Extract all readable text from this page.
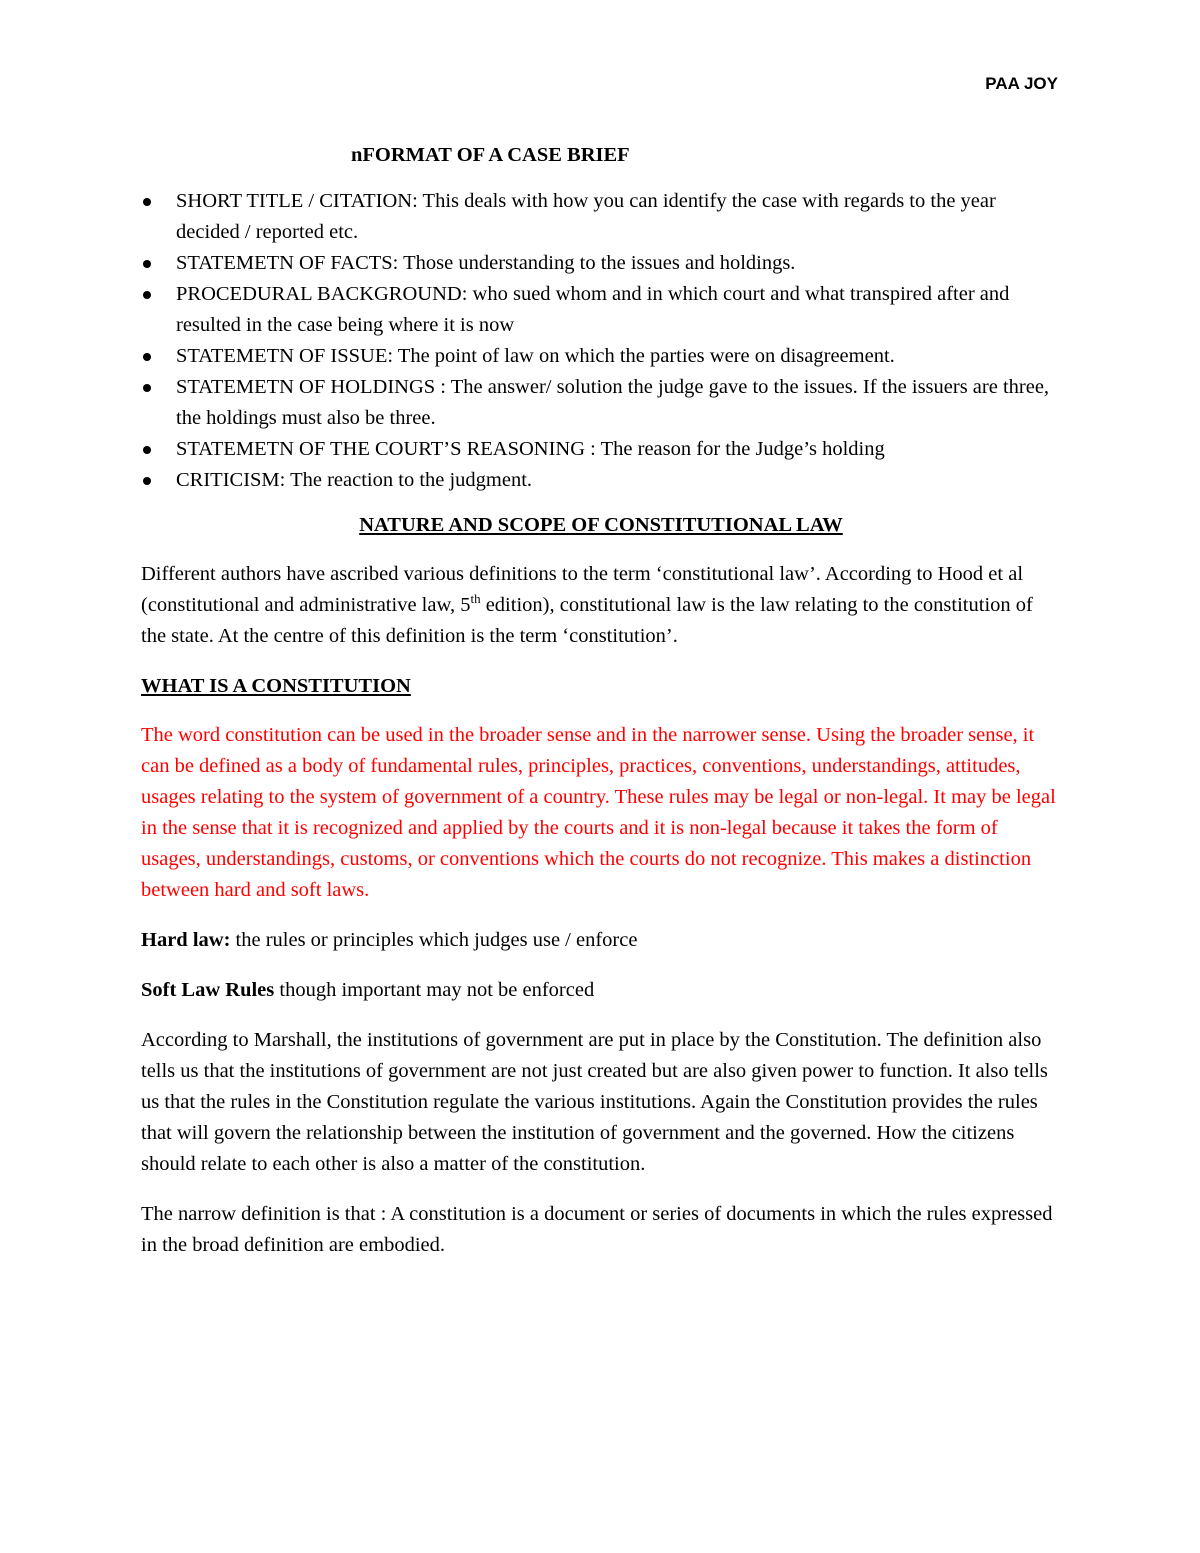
PAA JOY
nFORMAT OF A CASE BRIEF
SHORT TITLE / CITATION: This deals with how you can identify the case with regards to the year decided / reported etc.
STATEMETN OF FACTS: Those understanding to the issues and holdings.
PROCEDURAL BACKGROUND: who sued whom and in which court and what transpired after and resulted in the case being where it is now
STATEMETN OF ISSUE: The point of law on which the parties were on disagreement.
STATEMETN OF HOLDINGS : The answer/ solution the judge gave to the issues. If the issuers are three, the holdings must also be three.
STATEMETN OF THE COURT’S REASONING : The reason for the Judge’s holding
CRITICISM: The reaction to the judgment.
NATURE AND SCOPE OF CONSTITUTIONAL LAW

Different authors have ascribed various definitions to the term ‘constitutional law’. According to Hood et al (constitutional and administrative law, 5th edition), constitutional law is the law relating to the constitution of the state. At the centre of this definition is the term ‘constitution’.

WHAT IS A CONSTITUTION

The word constitution can be used in the broader sense and in the narrower sense. Using the broader sense, it can be defined as a body of fundamental rules, principles, practices, conventions, understandings, attitudes, usages relating to the system of government of a country. These rules may be legal or non-legal. It may be legal in the sense that it is recognized and applied by the courts and it is non-legal because it takes the form of usages, understandings, customs, or conventions which the courts do not recognize. This makes a distinction between hard and soft laws.

Hard law: the rules or principles which judges use / enforce

Soft Law Rules though important may not be enforced

According to Marshall, the institutions of government are put in place by the Constitution. The definition also tells us that the institutions of government are not just created but are also given power to function. It also tells us that the rules in the Constitution regulate the various institutions. Again the Constitution provides the rules that will govern the relationship between the institution of government and the governed. How the citizens should relate to each other is also a matter of the constitution.

The narrow definition is that : A constitution is a document or series of documents in which the rules expressed in the broad definition are embodied.
